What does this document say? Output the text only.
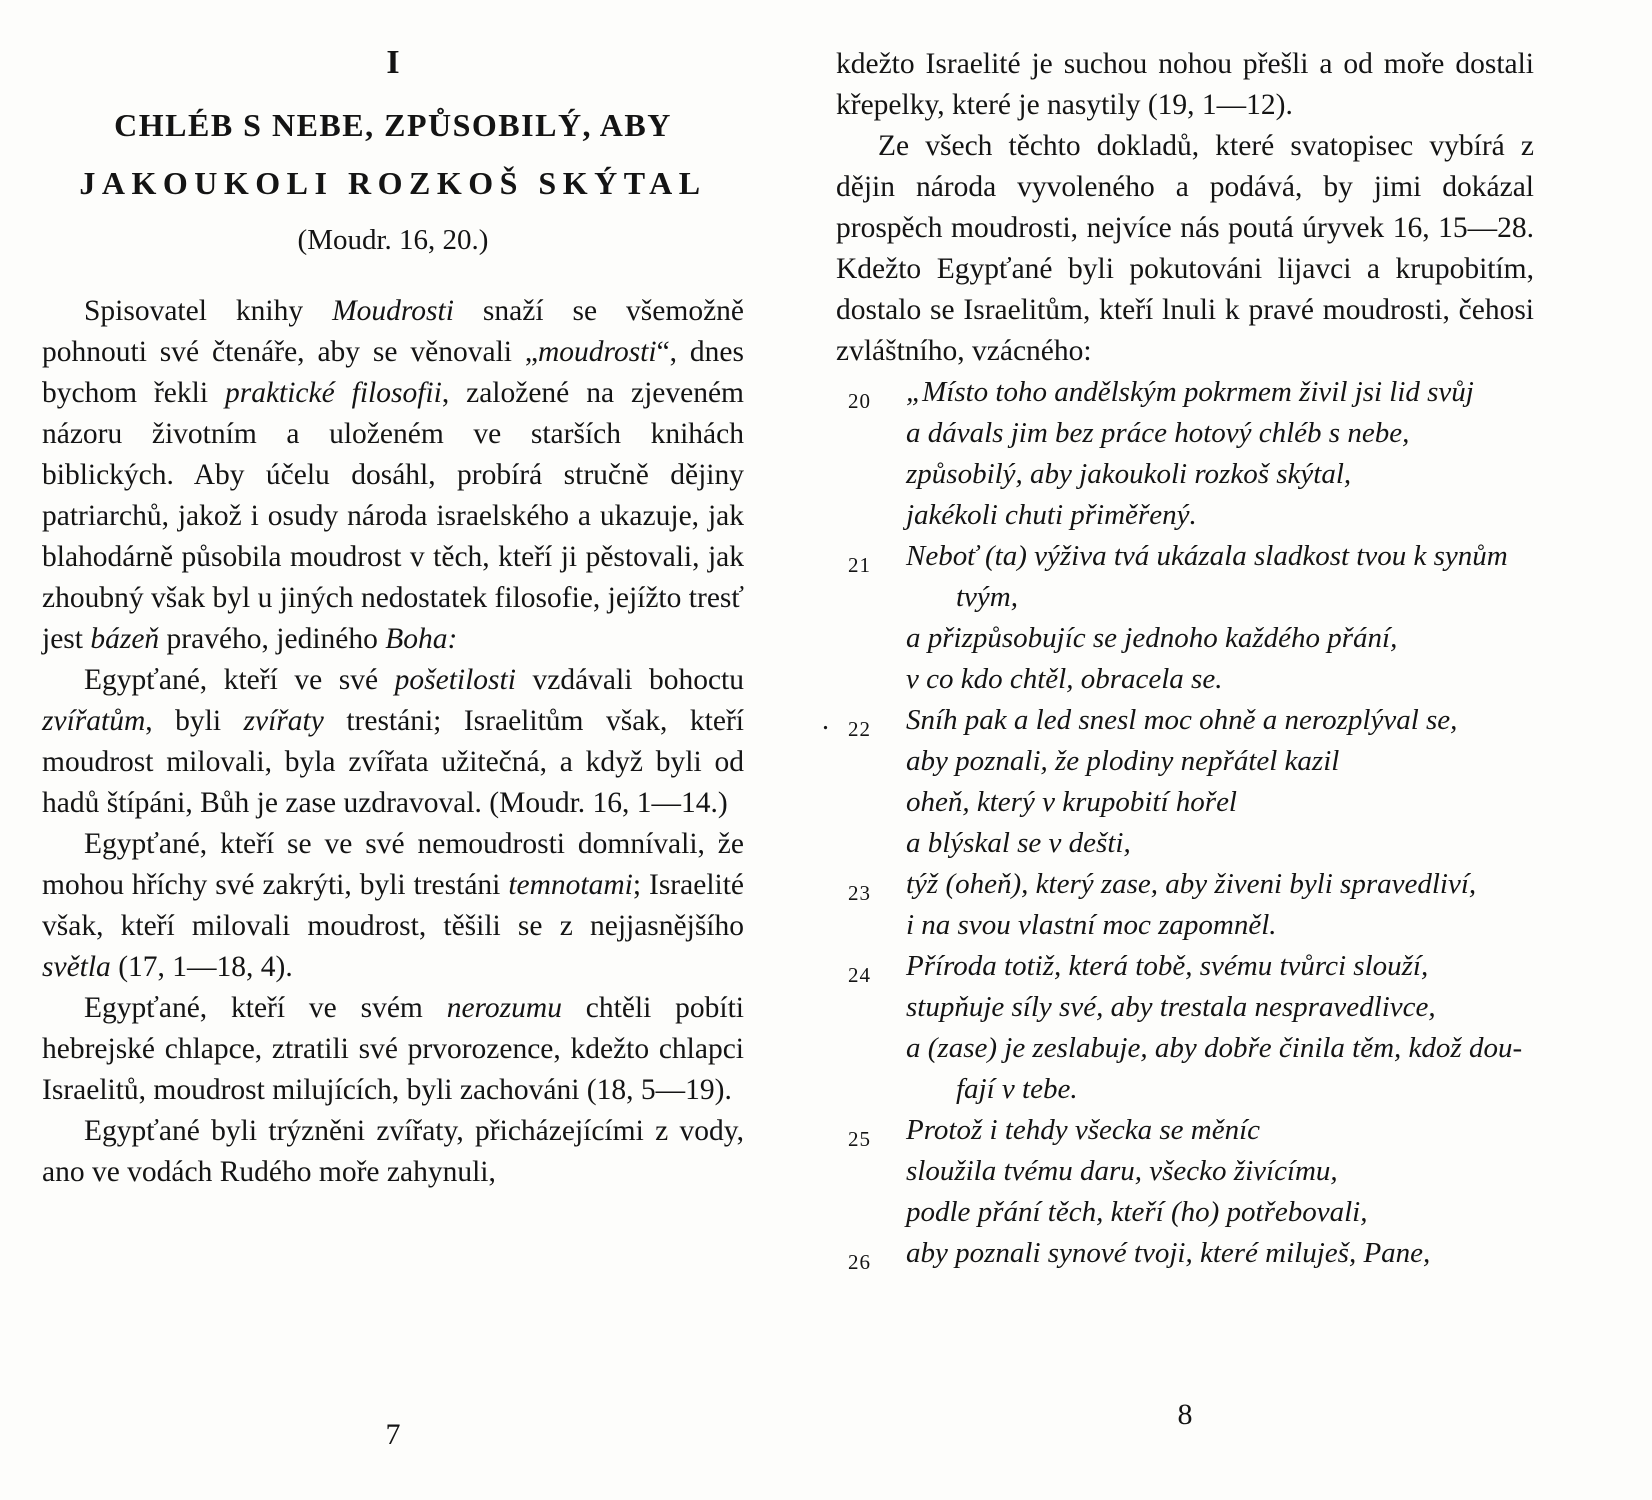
I
CHLÉB S NEBE, ZPŮSOBILÝ, ABY
JAKOUKOLI ROZKOŠ SKÝTAL
(Moudr. 16, 20.)

Spisovatel knihy Moudrosti snaží se všemožně pohnouti své čtenáře, aby se věnovali „moudrosti“, dnes bychom řekli praktické filosofii, založené na zjeveném názoru životním a uloženém ve starších knihách biblických. Aby účelu dosáhl, probírá stručně dějiny patriarchů, jakož i osudy národa israelského a ukazuje, jak blahodárně působila moudrost v těch, kteří ji pěstovali, jak zhoubný však byl u jiných nedostatek filosofie, jejížto tresť jest bázeň pravého, jediného Boha:

Egypťané, kteří ve své pošetilosti vzdávali bohoctu zvířatům, byli zvířaty trestáni; Israelitům však, kteří moudrost milovali, byla zvířata užitečná, a když byli od hadů štípáni, Bůh je zase uzdravoval. (Moudr. 16, 1—14.)

Egypťané, kteří se ve své nemoudrosti domnívali, že mohou hříchy své zakrýti, byli trestáni temnotami; Israelité však, kteří milovali moudrost, těšili se z nejjasnějšího světla (17, 1—18, 4).

Egypťané, kteří ve svém nerozumu chtěli pobíti hebrejské chlapce, ztratili své prvorozence, kdežto chlapci Israelitů, moudrost milujících, byli zachováni (18, 5—19).

Egypťané byli trýzněni zvířaty, přicházejícími z vody, ano ve vodách Rudého moře zahynuli,

7

kdežto Israelité je suchou nohou přešli a od moře dostali křepelky, které je nasytily (19, 1—12).

Ze všech těchto dokladů, které svatopisec vybírá z dějin národa vyvoleného a podává, by jimi dokázal prospěch moudrosti, nejvíce nás poutá úryvek 16, 15—28. Kdežto Egypťané byli pokutováni lijavci a krupobitím, dostalo se Israelitům, kteří lnuli k pravé moudrosti, čehosi zvláštního, vzácného:

20 „Místo toho andělským pokrmem živil jsi lid svůj
a dávals jim bez práce hotový chléb s nebe,
způsobilý, aby jakoukoli rozkoš skýtal,
jakékoli chuti přiměřený.
21 Neboť (ta) výživa tvá ukázala sladkost tvou k synům
tvým,
a přizpůsobujíc se jednoho každého přání,
v co kdo chtěl, obracela se.
. 22 Sníh pak a led snesl moc ohně a nerozplýval se,
aby poznali, že plodiny nepřátel kazil
oheň, který v krupobití hořel
a blýskal se v dešti,
23 týž (oheň), který zase, aby živeni byli spravedliví,
i na svou vlastní moc zapomněl.
24 Příroda totiž, která tobě, svému tvůrci slouží,
stupňuje síly své, aby trestala nespravedlivce,
a (zase) je zeslabuje, aby dobře činila těm, kdož dou-
fají v tebe.
25 Protož i tehdy všecka se měníc
sloužila tvému daru, všecko živícímu,
podle přání těch, kteří (ho) potřebovali,
26 aby poznali synové tvoji, které miluješ, Pane,
8
